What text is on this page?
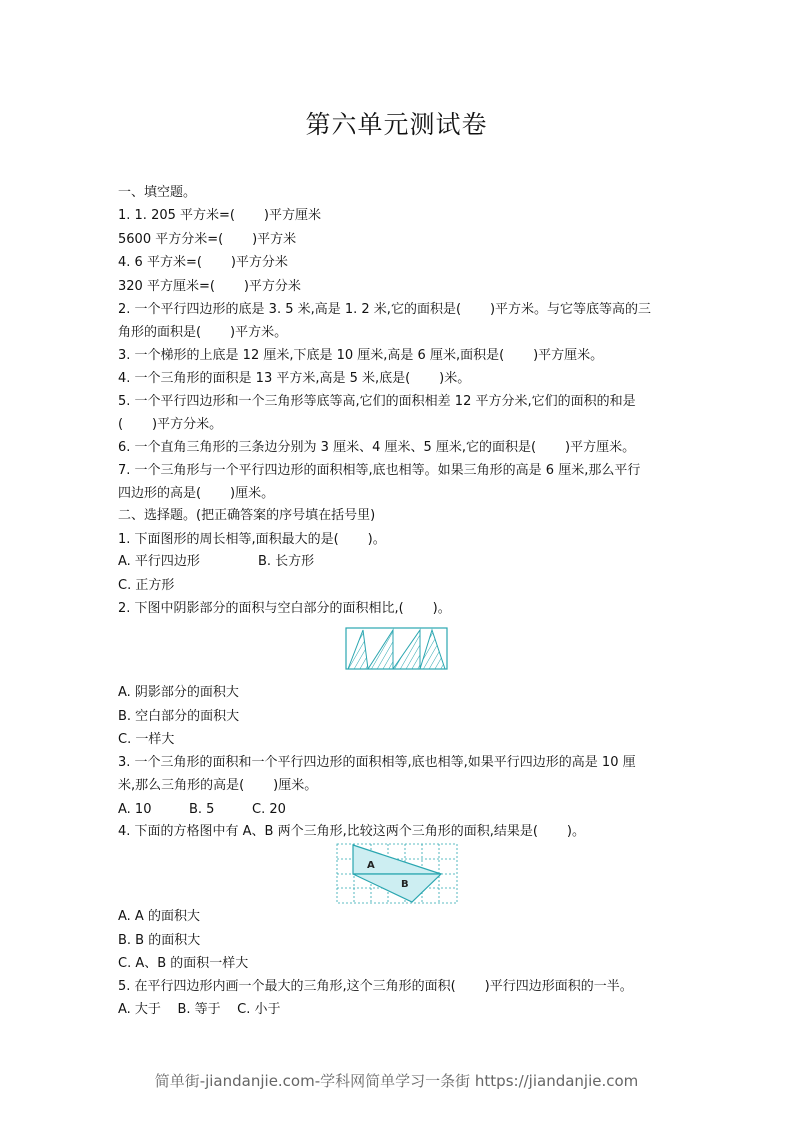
第六单元测试卷
一、填空题。
1. 1. 205 平方米=(       )平方厘米
5600 平方分米=(       )平方米
4. 6 平方米=(       )平方分米
320 平方厘米=(       )平方分米
2. 一个平行四边形的底是 3. 5 米,高是 1. 2 米,它的面积是(       )平方米。与它等底等高的三
角形的面积是(       )平方米。
3. 一个梯形的上底是 12 厘米,下底是 10 厘米,高是 6 厘米,面积是(       )平方厘米。
4. 一个三角形的面积是 13 平方米,高是 5 米,底是(       )米。
5. 一个平行四边形和一个三角形等底等高,它们的面积相差 12 平方分米,它们的面积的和是
(       )平方分米。
6. 一个直角三角形的三条边分别为 3 厘米、4 厘米、5 厘米,它的面积是(       )平方厘米。
7. 一个三角形与一个平行四边形的面积相等,底也相等。如果三角形的高是 6 厘米,那么平行
四边形的高是(       )厘米。
二、选择题。(把正确答案的序号填在括号里)
1. 下面图形的周长相等,面积最大的是(       )。
C. 正方形
2. 下图中阴影部分的面积与空白部分的面积相比,(       )。
A. 阴影部分的面积大
B. 空白部分的面积大
C. 一样大
3. 一个三角形的面积和一个平行四边形的面积相等,底也相等,如果平行四边形的高是 10 厘
米,那么三角形的高是(       )厘米。
4. 下面的方格图中有 A、B 两个三角形,比较这两个三角形的面积,结果是(       )。
A. A 的面积大
B. B 的面积大
C. A、B 的面积一样大
5. 在平行四边形内画一个最大的三角形,这个三角形的面积(       )平行四边形面积的一半。
A. 大于    B. 等于    C. 小于
A. 平行四边形	B. 长方形
A. 10	B. 5	C. 20
A
B
简单街-jiandanjie.com-学科网简单学习一条街 https://jiandanjie.com
